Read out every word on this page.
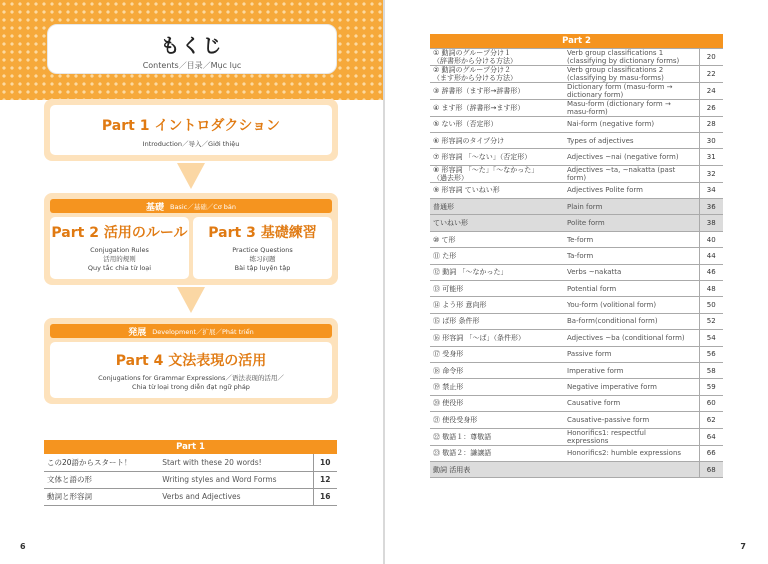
もくじ
Contents／目录／Mục lục
Part 1 イントロダクション
Introduction／导入／Giới thiệu
基礎 Basic／基础／Cơ bản
Part 2 活用のルール
Conjugation Rules
活用的规则
Quy tắc chia từ loại
Part 3 基礎練習
Practice Questions
练习问题
Bài tập luyện tập
発展 Development／扩展／Phát triển
Part 4 文法表現の活用
Conjugations for Grammar Expressions／语法表现的活用／
Chia từ loại trong diễn đạt ngữ pháp
Part 1		
この20語からスタート！	Start with these 20 words!	10
文体と語の形	Writing styles and Word Forms	12
動詞と形容詞	Verbs and Adjectives	16
6
Part 2		
① 動詞のグループ分け１
（辞書形から分ける方法）	Verb group classifications 1
(classifying by dictionary forms)	20
② 動詞のグループ分け２
（ます形から分ける方法）	Verb group classifications 2
(classifying by masu-forms)	22
③ 辞書形（ます形→辞書形）	Dictionary form (masu-form →
dictionary form)	24
④ ます形（辞書形→ます形）	Masu-form (dictionary form →
masu-form)	26
⑤ ない形（否定形）	Nai-form (negative form)	28
⑥ 形容詞のタイプ分け	Types of adjectives	30
⑦ 形容詞 「～ない」（否定形）	Adjectives ~nai (negative form)	31
⑧ 形容詞 「～た」「～なかった」
（過去形）	Adjectives ~ta, ~nakatta (past
form)	32
⑨ 形容詞 ていねい形	Adjectives Polite form	34
普通形	Plain form	36
ていねい形	Polite form	38
⑩ て形	Te-form	40
⑪ た形	Ta-form	44
⑫ 動詞 「～なかった」	Verbs ~nakatta	46
⑬ 可能形	Potential form	48
⑭ よう形 意向形	You-form (volitional form)	50
⑮ ば形 条件形	Ba-form(conditional form)	52
⑯ 形容詞 「～ば」（条件形）	Adjectives ~ba (conditional form)	54
⑰ 受身形	Passive form	56
⑱ 命令形	Imperative form	58
⑲ 禁止形	Negative imperative form	59
⑳ 使役形	Causative form	60
㉑ 使役受身形	Causative-passive form	62
㉒ 敬語１：尊敬語	Honorifics1: respectful
expressions	64
㉓ 敬語２：謙譲語	Honorifics2: humble expressions	66
動詞 活用表		68
7
